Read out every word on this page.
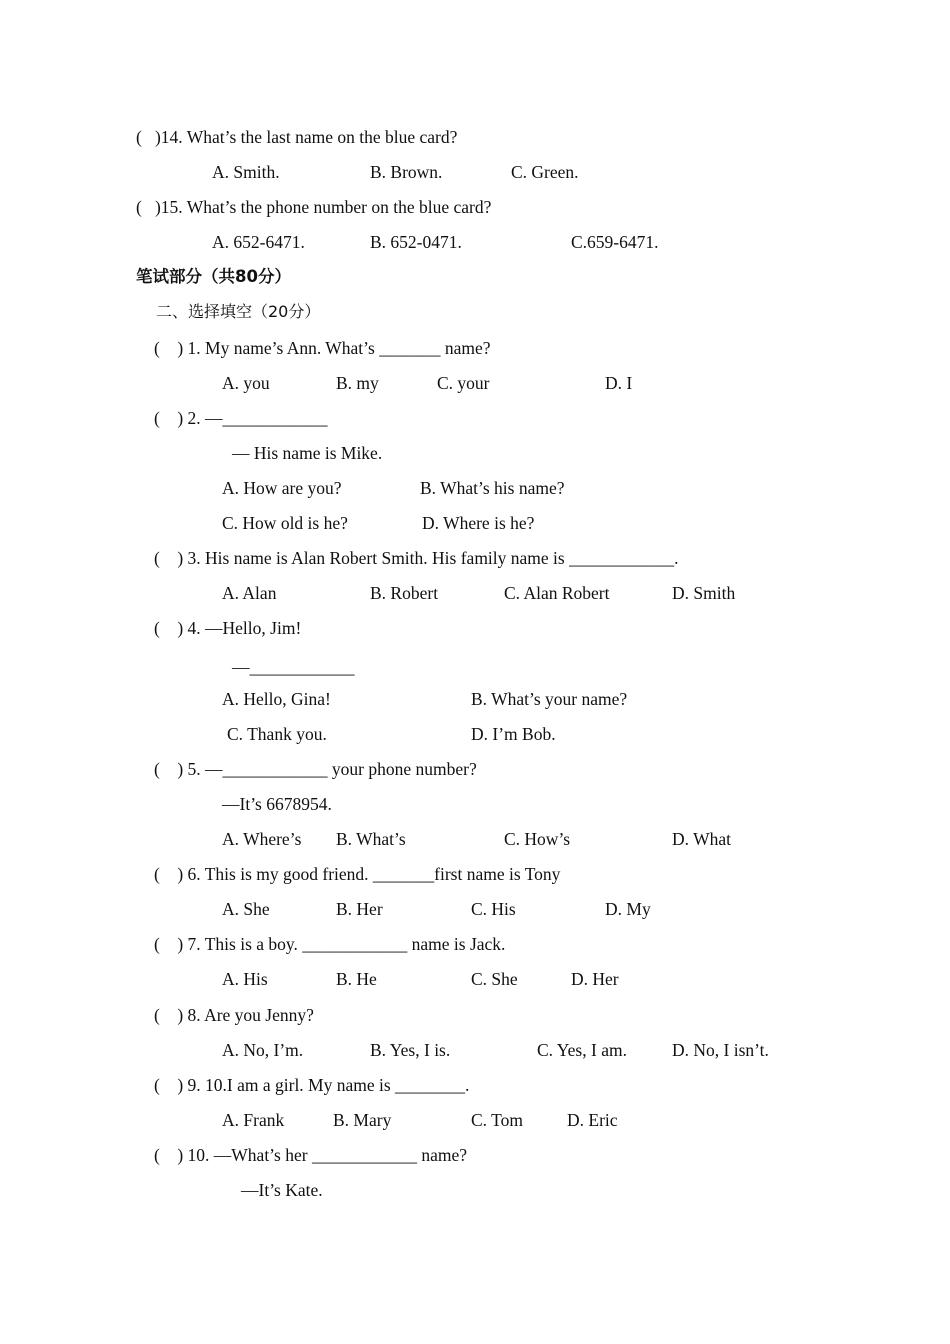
(   )14. What’s the last name on the blue card?
A. Smith.	B. Brown.	C. Green.
(   )15. What’s the phone number on the blue card?
A. 652-6471.	B. 652-0471.	C.659-6471.
笔试部分（共80分）
二、选择填空（20分）
(    ) 1. My name’s Ann. What’s _______ name?
A. you	B. my	C. your	D. I
(    ) 2. —____________
— His name is Mike.
A. How are you?	B. What’s his name?
C. How old is he?	D. Where is he?
(    ) 3. His name is Alan Robert Smith. His family name is ____________.
A. Alan	B. Robert	C. Alan Robert	D. Smith
(    ) 4. —Hello, Jim!
—____________
A. Hello, Gina!	B. What’s your name?
C. Thank you.	D. I’m Bob.
(    ) 5. —____________ your phone number?
—It’s 6678954.
A. Where’s B. What’s	C. How’s	D. What
(    ) 6. This is my good friend. _______first name is Tony
A. She	B. Her	C. His	D. My
(    ) 7. This is a boy. ____________ name is Jack.
A. His	B. He	C. She	D. Her
(    ) 8. Are you Jenny?
A. No, I’m.	B. Yes, I is.	C. Yes, I am.	D. No, I isn’t.
(    ) 9. 10.I am a girl. My name is ________.
A. Frank	B. Mary	C. Tom	D. Eric
(    ) 10. —What’s her ____________ name?
—It’s Kate.
